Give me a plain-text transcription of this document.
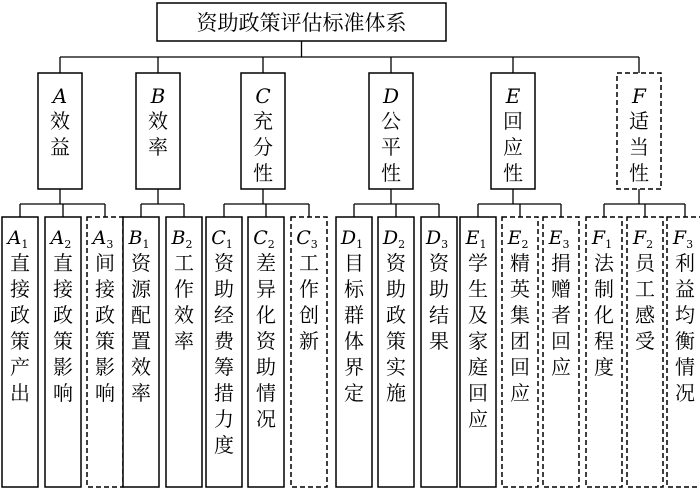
资助政策评估标准体系
A
效
益
$A_1$
直
接
政
策
产
出
$A_2$
直
接
政
策
影
响
$A_3$
间
接
政
策
影
响
B
效
率
$B_1$
资
源
配
置
效
率
$B_2$
工
作
效
率
C
充
分
性
$C_1$
资
助
经
费
筹
措
力
度
$C_2$
差
异
化
资
助
情
况
$C_3$
工
作
创
新
D
公
平
性
$D_1$
目
标
群
体
界
定
$D_2$
资
助
政
策
实
施
$D_3$
资
助
结
果
E
回
应
性
$E_1$
学
生
及
家
庭
回
应
$E_2$
精
英
集
团
回
应
$E_3$
捐
赠
者
回
应
F
适
当
性
$F_1$
法
制
化
程
度
$F_2$
员
工
感
受
$F_3$
利
益
均
衡
情
况
